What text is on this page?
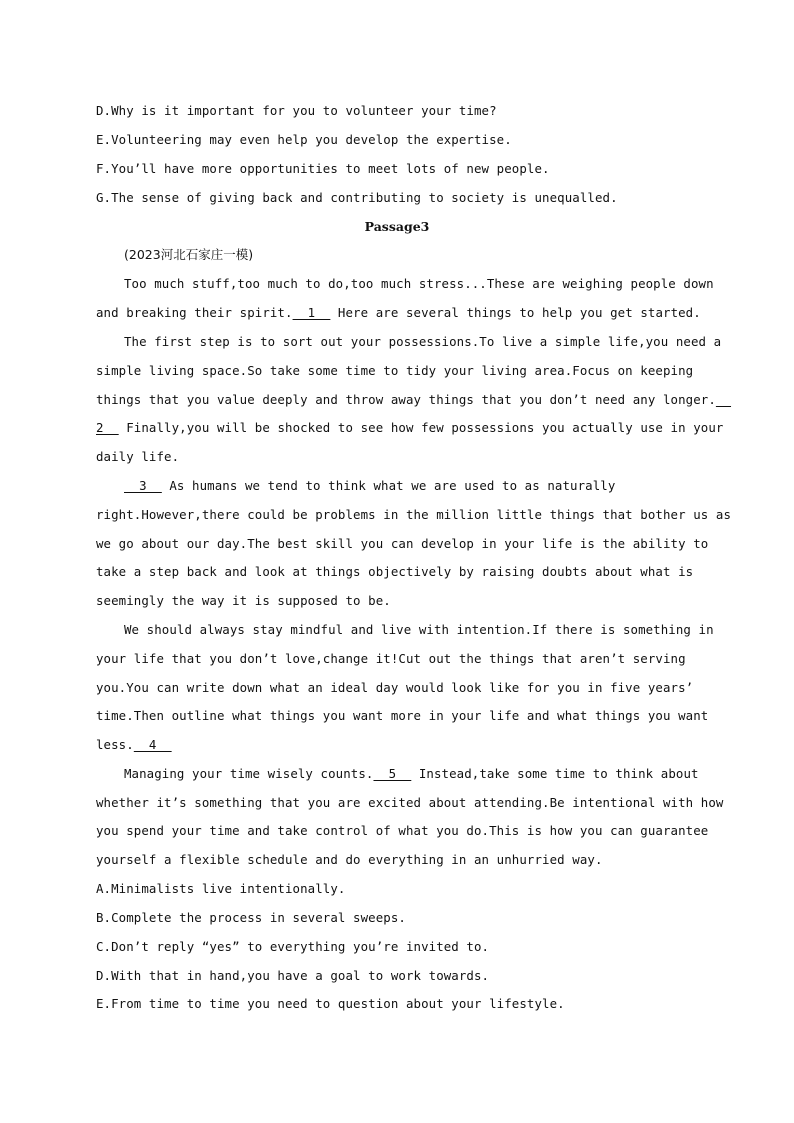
D.Why is it important for you to volunteer your time?
E.Volunteering may even help you develop the expertise.
F.You’ll have more opportunities to meet lots of new people.
G.The sense of giving back and contributing to society is unequalled.
Passage3
(2023河北石家庄一模)
Too much stuff,too much to do,too much stress...These are weighing people down
and breaking their spirit.  1   Here are several things to help you get started.
The first step is to sort out your possessions.To live a simple life,you need a
simple living space.So take some time to tidy your living area.Focus on keeping
things that you value deeply and throw away things that you don’t need any longer.
2   Finally,you will be shocked to see how few possessions you actually use in your
daily life.
3   As humans we tend to think what we are used to as naturally
right.However,there could be problems in the million little things that bother us as
we go about our day.The best skill you can develop in your life is the ability to
take a step back and look at things objectively by raising doubts about what is
seemingly the way it is supposed to be.
We should always stay mindful and live with intention.If there is something in
your life that you don’t love,change it!Cut out the things that aren’t serving
you.You can write down what an ideal day would look like for you in five years’
time.Then outline what things you want more in your life and what things you want
less.  4
Managing your time wisely counts.  5   Instead,take some time to think about
whether it’s something that you are excited about attending.Be intentional with how
you spend your time and take control of what you do.This is how you can guarantee
yourself a flexible schedule and do everything in an unhurried way.
A.Minimalists live intentionally.
B.Complete the process in several sweeps.
C.Don’t reply “yes” to everything you’re invited to.
D.With that in hand,you have a goal to work towards.
E.From time to time you need to question about your lifestyle.
